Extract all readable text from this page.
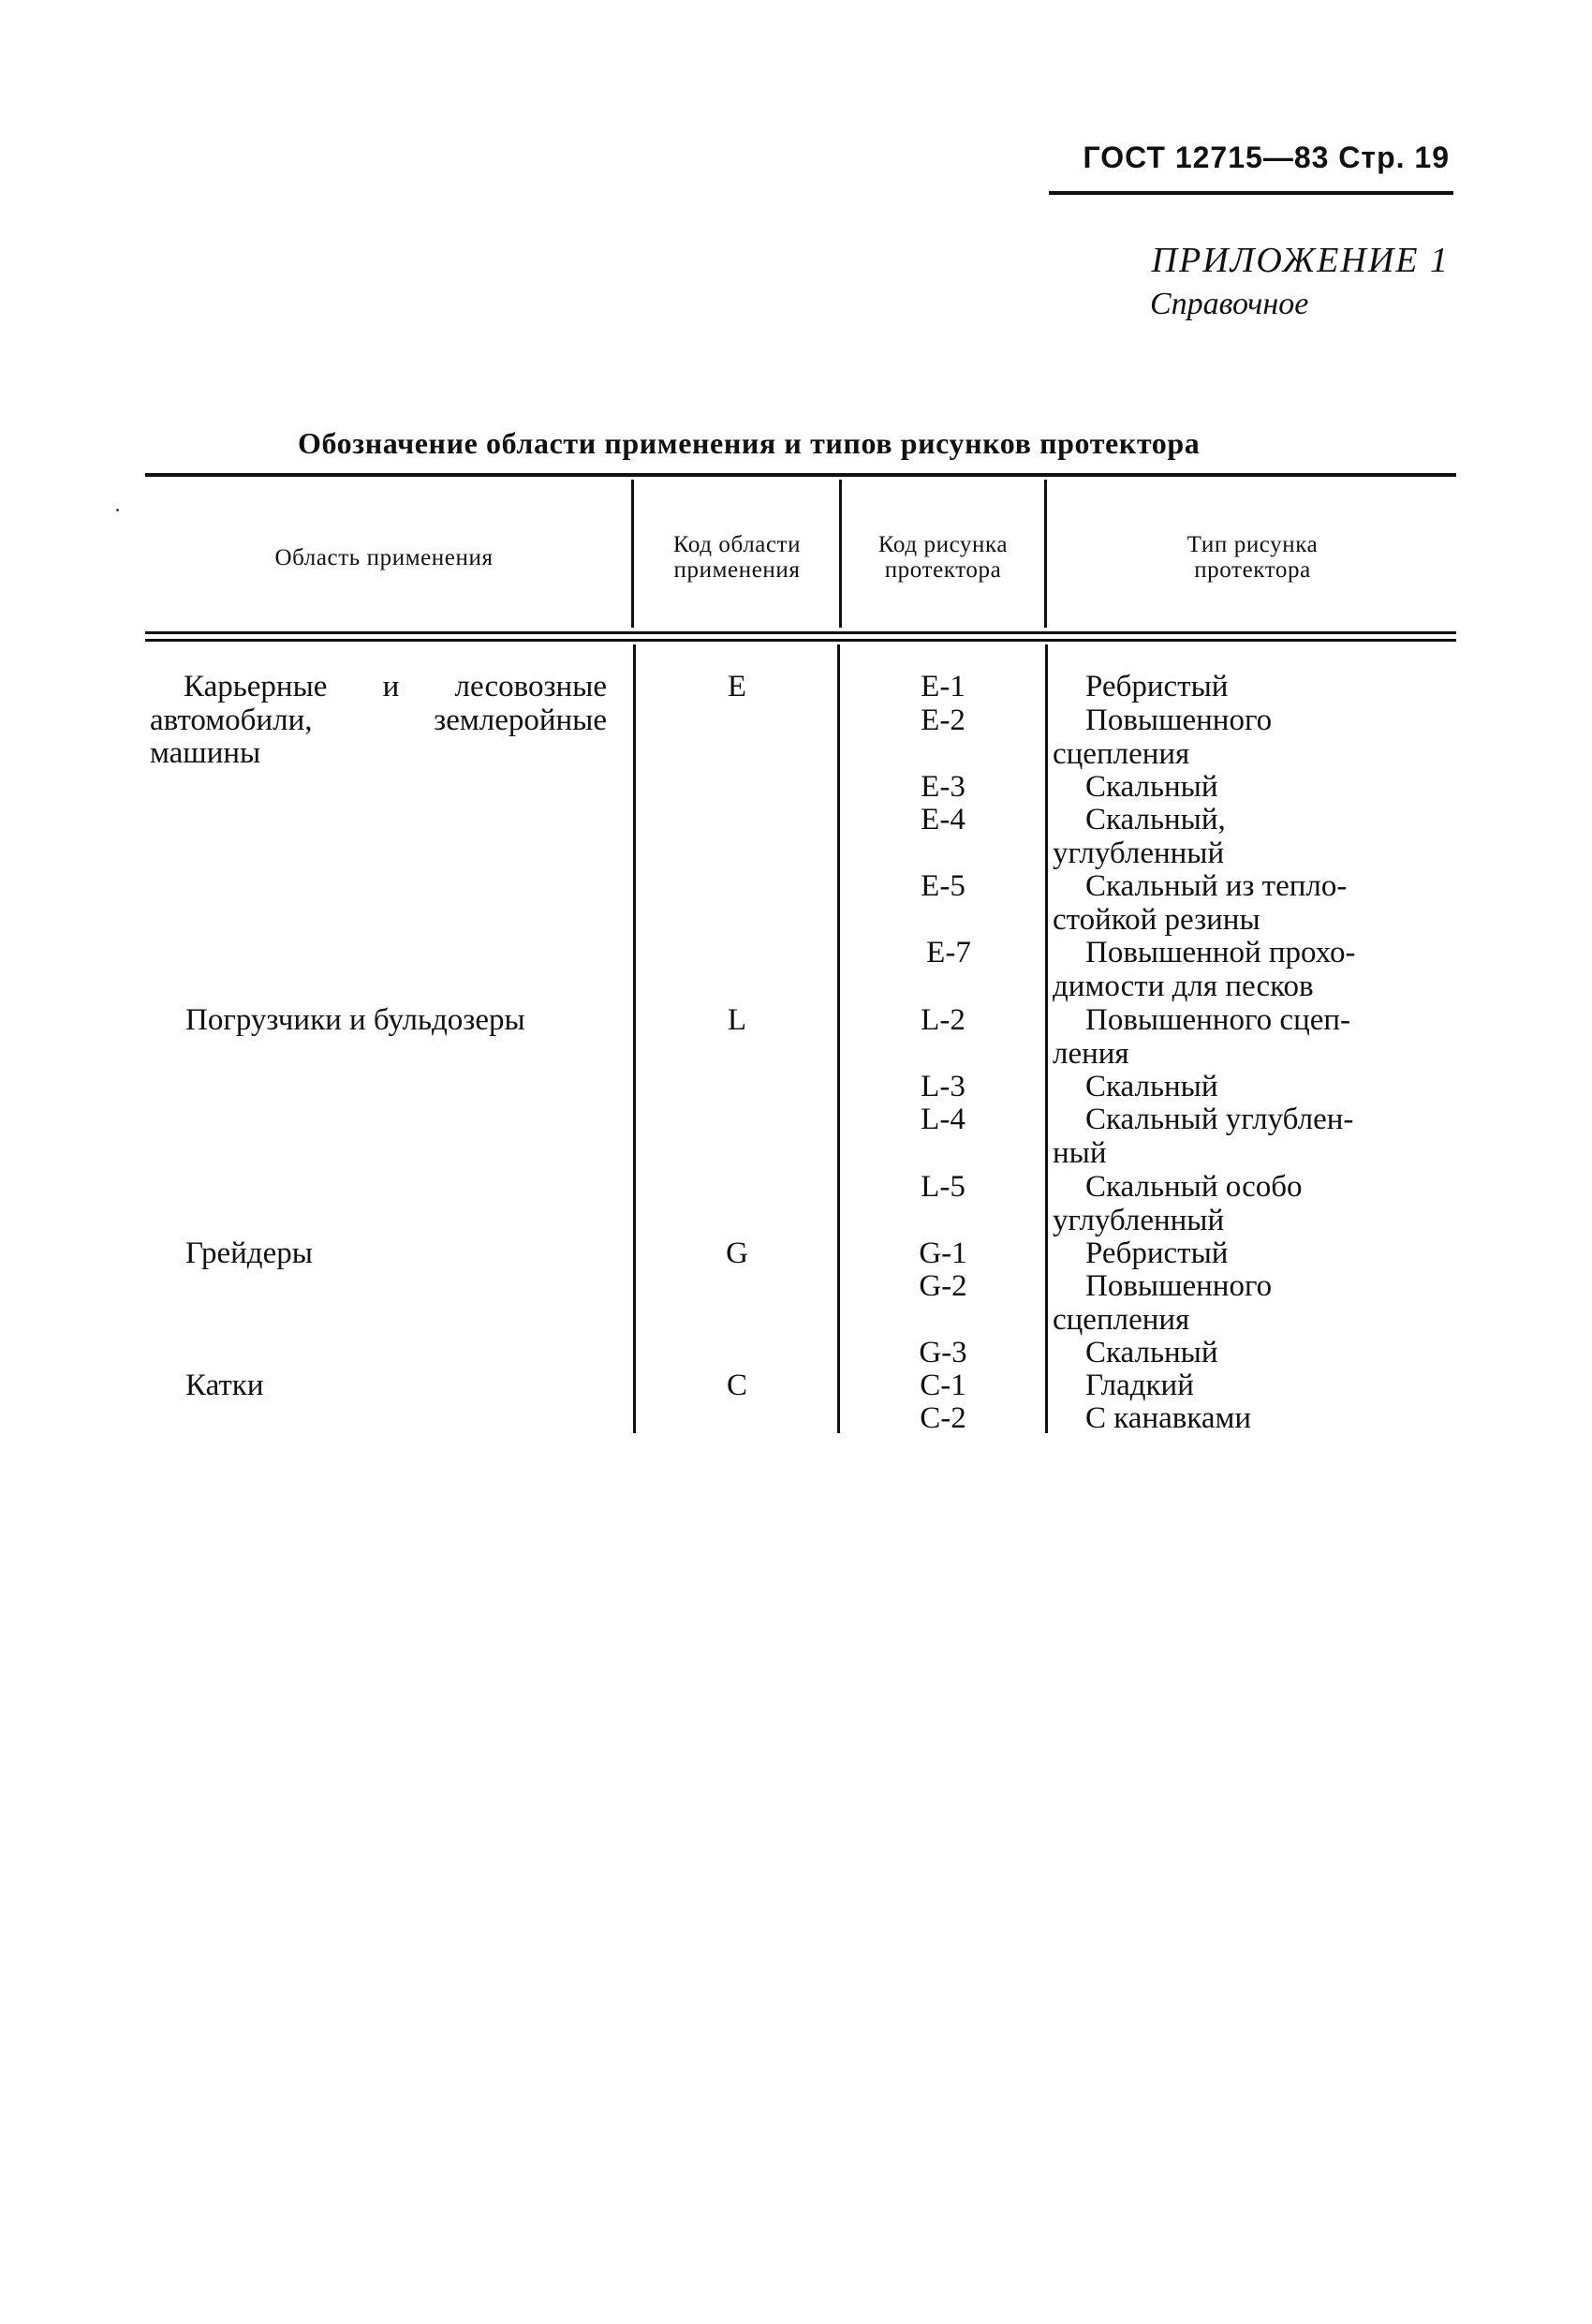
ГОСТ 12715—83 Стр. 19
ПРИЛОЖЕНИЕ 1
Справочное
Обозначение области применения и типов рисунков протектора
Область применения
Код области
применения
Код рисунка
протектора
Тип рисунка
протектора
Карьерные и лесовозные
автомобили,	землеройные
машины
Погрузчики и бульдозеры
Грейдеры
Катки
E
L
G
C
E-1
E-2
E-3
E-4
E-5
E-7
L-2
L-3
L-4
L-5
G-1
G-2
G-3
C-1
C-2
Ребристый
Повышенного
сцепления
Скальный
Скальный,
углубленный
Скальный из тепло-
стойкой резины
Повышенной прохо-
димости для песков
Повышенного сцеп-
ления
Скальный
Скальный углублен-
ный
Скальный особо
углубленный
Ребристый
Повышенного
сцепления
Скальный
Гладкий
С канавками
